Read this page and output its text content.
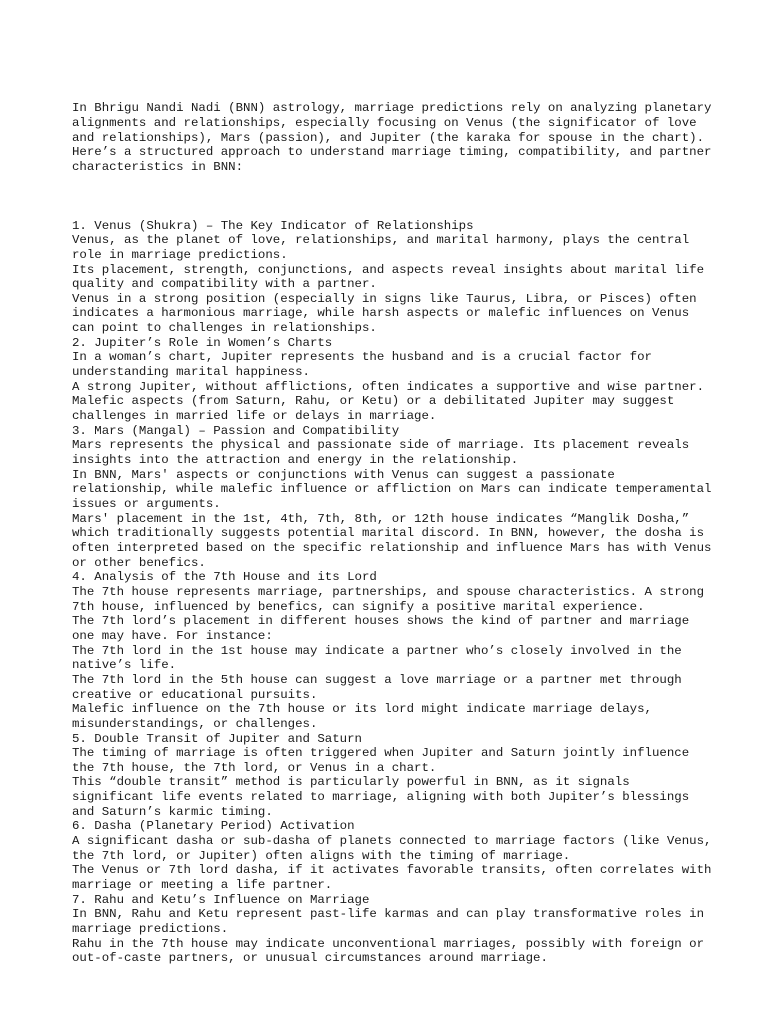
In Bhrigu Nandi Nadi (BNN) astrology, marriage predictions rely on analyzing planetary alignments and relationships, especially focusing on Venus (the significator of love and relationships), Mars (passion), and Jupiter (the karaka for spouse in the chart). Here’s a structured approach to understand marriage timing, compatibility, and partner characteristics in BNN:

1. Venus (Shukra) – The Key Indicator of Relationships
Venus, as the planet of love, relationships, and marital harmony, plays the central role in marriage predictions.
Its placement, strength, conjunctions, and aspects reveal insights about marital life quality and compatibility with a partner.
Venus in a strong position (especially in signs like Taurus, Libra, or Pisces) often indicates a harmonious marriage, while harsh aspects or malefic influences on Venus can point to challenges in relationships.
2. Jupiter’s Role in Women’s Charts
In a woman’s chart, Jupiter represents the husband and is a crucial factor for understanding marital happiness.
A strong Jupiter, without afflictions, often indicates a supportive and wise partner. Malefic aspects (from Saturn, Rahu, or Ketu) or a debilitated Jupiter may suggest challenges in married life or delays in marriage.
3. Mars (Mangal) – Passion and Compatibility
Mars represents the physical and passionate side of marriage. Its placement reveals insights into the attraction and energy in the relationship.
In BNN, Mars' aspects or conjunctions with Venus can suggest a passionate relationship, while malefic influence or affliction on Mars can indicate temperamental issues or arguments.
Mars' placement in the 1st, 4th, 7th, 8th, or 12th house indicates “Manglik Dosha,” which traditionally suggests potential marital discord. In BNN, however, the dosha is often interpreted based on the specific relationship and influence Mars has with Venus or other benefics.
4. Analysis of the 7th House and its Lord
The 7th house represents marriage, partnerships, and spouse characteristics. A strong 7th house, influenced by benefics, can signify a positive marital experience.
The 7th lord’s placement in different houses shows the kind of partner and marriage one may have. For instance:
The 7th lord in the 1st house may indicate a partner who’s closely involved in the native’s life.
The 7th lord in the 5th house can suggest a love marriage or a partner met through creative or educational pursuits.
Malefic influence on the 7th house or its lord might indicate marriage delays, misunderstandings, or challenges.
5. Double Transit of Jupiter and Saturn
The timing of marriage is often triggered when Jupiter and Saturn jointly influence the 7th house, the 7th lord, or Venus in a chart.
This “double transit” method is particularly powerful in BNN, as it signals significant life events related to marriage, aligning with both Jupiter’s blessings and Saturn’s karmic timing.
6. Dasha (Planetary Period) Activation
A significant dasha or sub-dasha of planets connected to marriage factors (like Venus, the 7th lord, or Jupiter) often aligns with the timing of marriage.
The Venus or 7th lord dasha, if it activates favorable transits, often correlates with marriage or meeting a life partner.
7. Rahu and Ketu’s Influence on Marriage
In BNN, Rahu and Ketu represent past-life karmas and can play transformative roles in marriage predictions.
Rahu in the 7th house may indicate unconventional marriages, possibly with foreign or out-of-caste partners, or unusual circumstances around marriage.
